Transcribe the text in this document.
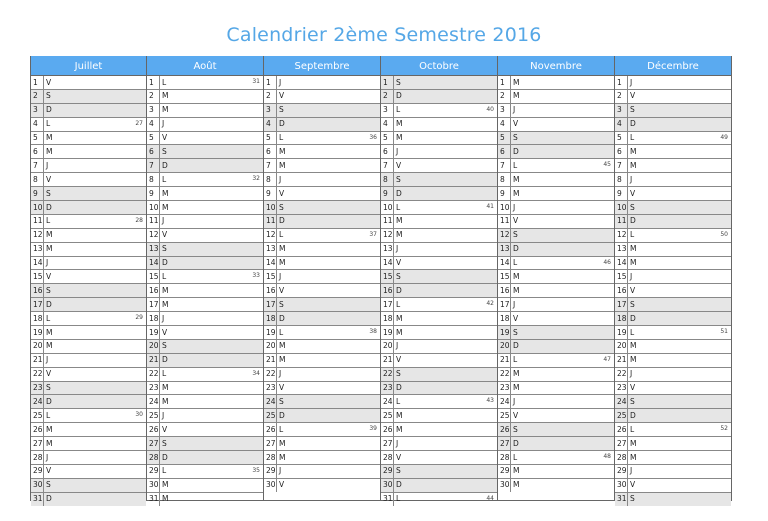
Calendrier 2ème Semestre 2016
Juillet
1 V
2 S
3 D
4 L	27
5 M
6 M
7 J
8 V
9 S
10 D
11 L	28
12 M
13 M
14 J
15 V
16 S
17 D
18 L	29
19 M
20 M
21 J
22 V
23 S
24 D
25 L	30
26 M
27 M
28 J
29 V
30 S
31 D
Août
1 L	31
2 M
3 M
4 J
5 V
6 S
7 D
8 L	32
9 M
10 M
11 J
12 V
13 S
14 D
15 L	33
16 M
17 M
18 J
19 V
20 S
21 D
22 L	34
23 M
24 M
25 J
26 V
27 S
28 D
29 L	35
30 M
31 M
Septembre
1 J
2 V
3 S
4 D
5 L	36
6 M
7 M
8 J
9 V
10 S
11 D
12 L	37
13 M
14 M
15 J
16 V
17 S
18 D
19 L	38
20 M
21 M
22 J
23 V
24 S
25 D
26 L	39
27 M
28 M
29 J
30 V
Octobre
1 S
2 D
3 L	40
4 M
5 M
6 J
7 V
8 S
9 D
10 L	41
11 M
12 M
13 J
14 V
15 S
16 D
17 L	42
18 M
19 M
20 J
21 V
22 S
23 D
24 L	43
25 M
26 M
27 J
28 V
29 S
30 D
31 L	44
Novembre
1 M
2 M
3 J
4 V
5 S
6 D
7 L	45
8 M
9 M
10 J
11 V
12 S
13 D
14 L	46
15 M
16 M
17 J
18 V
19 S
20 D
21 L	47
22 M
23 M
24 J
25 V
26 S
27 D
28 L	48
29 M
30 M
Décembre
1 J
2 V
3 S
4 D
5 L	49
6 M
7 M
8 J
9 V
10 S
11 D
12 L	50
13 M
14 M
15 J
16 V
17 S
18 D
19 L	51
20 M
21 M
22 J
23 V
24 S
25 D
26 L	52
27 M
28 M
29 J
30 V
31 S
